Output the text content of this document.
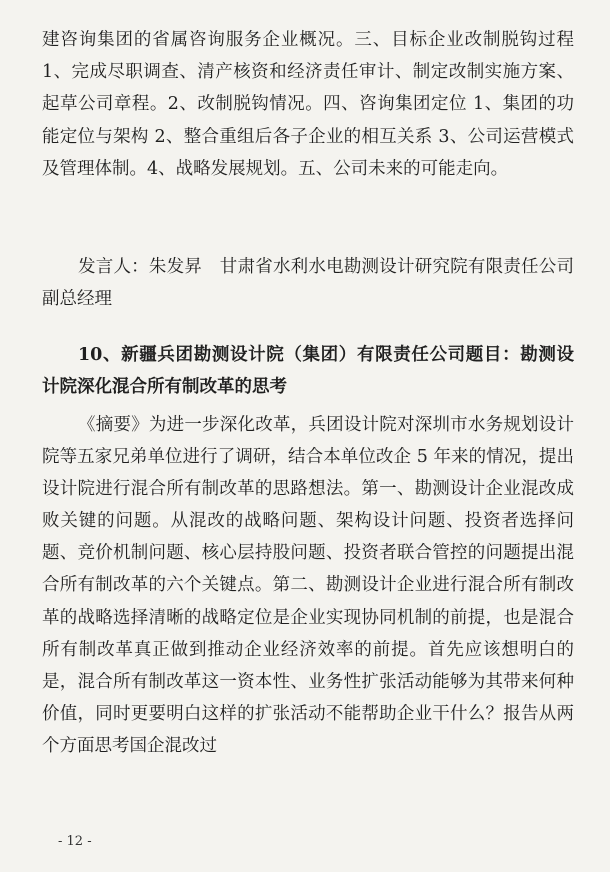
建咨询集团的省属咨询服务企业概况。三、目标企业改制脱钩过程 1、完成尽职调查、清产核资和经济责任审计、制定改制实施方案、起草公司章程。2、改制脱钩情况。四、咨询集团定位 1、集团的功能定位与架构 2、整合重组后各子企业的相互关系 3、公司运营模式及管理体制。4、战略发展规划。五、公司未来的可能走向。

发言人：朱发昇　甘肃省水利水电勘测设计研究院有限责任公司副总经理

10、新疆兵团勘测设计院（集团）有限责任公司题目：勘测设计院深化混合所有制改革的思考

《摘要》为进一步深化改革，兵团设计院对深圳市水务规划设计院等五家兄弟单位进行了调研，结合本单位改企 5 年来的情况，提出设计院进行混合所有制改革的思路想法。第一、勘测设计企业混改成败关键的问题。从混改的战略问题、架构设计问题、投资者选择问题、竞价机制问题、核心层持股问题、投资者联合管控的问题提出混合所有制改革的六个关键点。第二、勘测设计企业进行混合所有制改革的战略选择清晰的战略定位是企业实现协同机制的前提，也是混合所有制改革真正做到推动企业经济效率的前提。首先应该想明白的是，混合所有制改革这一资本性、业务性扩张活动能够为其带来何种价值，同时更要明白这样的扩张活动不能帮助企业干什么？报告从两个方面思考国企混改过

- 12 -
